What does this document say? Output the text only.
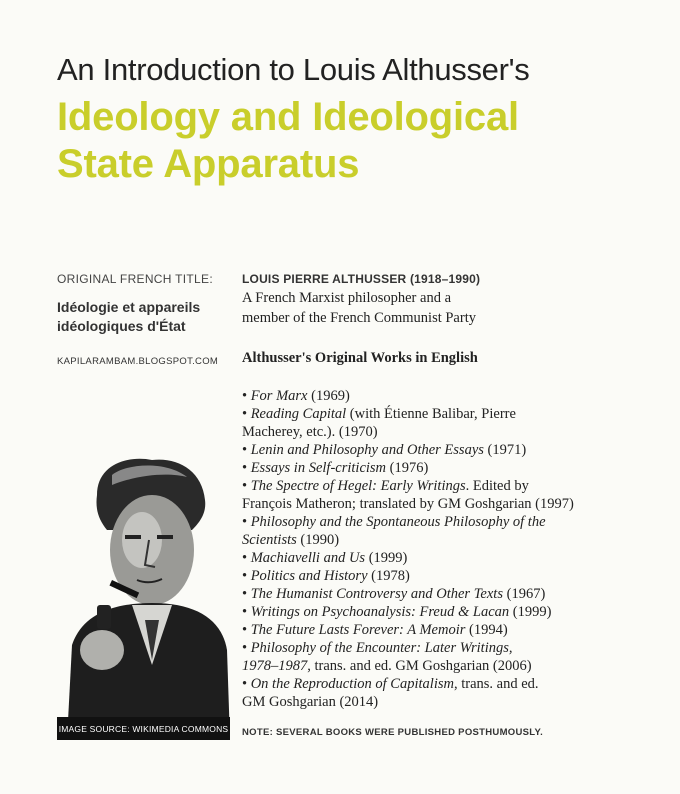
An Introduction to Louis Althusser's
Ideology and Ideological
State Apparatus
ORIGINAL FRENCH TITLE:
Idéologie et appareils
idéologiques d'État
KAPILARAMBAM.BLOGSPOT.COM
IMAGE SOURCE: WIKIMEDIA COMMONS
LOUIS PIERRE ALTHUSSER (1918–1990)
A French Marxist philosopher and a
member of the French Communist Party
Althusser's Original Works in English
• For Marx (1969)
• Reading Capital (with Étienne Balibar, Pierre
Macherey, etc.). (1970)
• Lenin and Philosophy and Other Essays (1971)
• Essays in Self-criticism (1976)
• The Spectre of Hegel: Early Writings. Edited by
François Matheron; translated by GM Goshgarian (1997)
• Philosophy and the Spontaneous Philosophy of the
Scientists (1990)
• Machiavelli and Us (1999)
• Politics and History (1978)
• The Humanist Controversy and Other Texts (1967)
• Writings on Psychoanalysis: Freud & Lacan (1999)
• The Future Lasts Forever: A Memoir (1994)
• Philosophy of the Encounter: Later Writings,
1978–1987, trans. and ed. GM Goshgarian (2006)
• On the Reproduction of Capitalism, trans. and ed.
GM Goshgarian (2014)
NOTE: SEVERAL BOOKS WERE PUBLISHED POSTHUMOUSLY.
